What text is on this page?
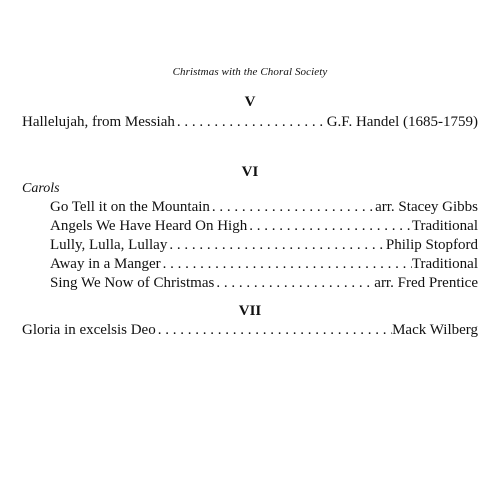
Christmas with the Choral Society
V
Hallelujah, from Messiah . . .	G.F. Handel (1685-1759)
VI
Carols
Go Tell it on the Mountain . . .	arr. Stacey Gibbs
Angels We Have Heard On High . . .	Traditional
Lully, Lulla, Lullay . . .	Philip Stopford
Away in a Manger . . .	Traditional
Sing We Now of Christmas . . .	arr. Fred Prentice
VII
Gloria in excelsis Deo . . .	Mack Wilberg
